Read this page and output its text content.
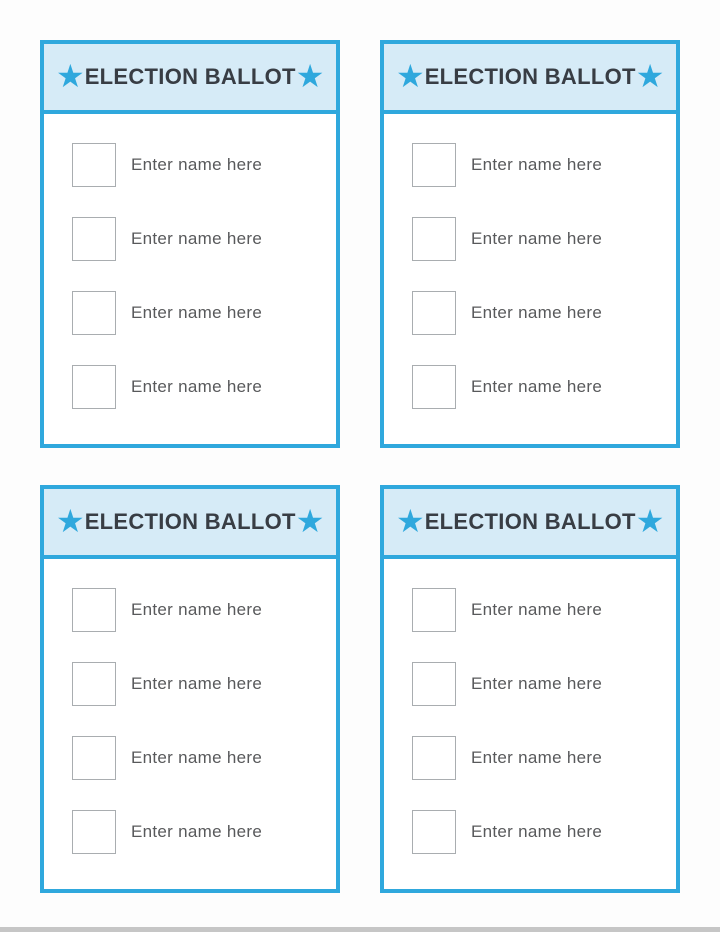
★ ELECTION BALLOT ★
Enter name here
Enter name here
Enter name here
Enter name here
★ ELECTION BALLOT ★
Enter name here
Enter name here
Enter name here
Enter name here
★ ELECTION BALLOT ★
Enter name here
Enter name here
Enter name here
Enter name here
★ ELECTION BALLOT ★
Enter name here
Enter name here
Enter name here
Enter name here
